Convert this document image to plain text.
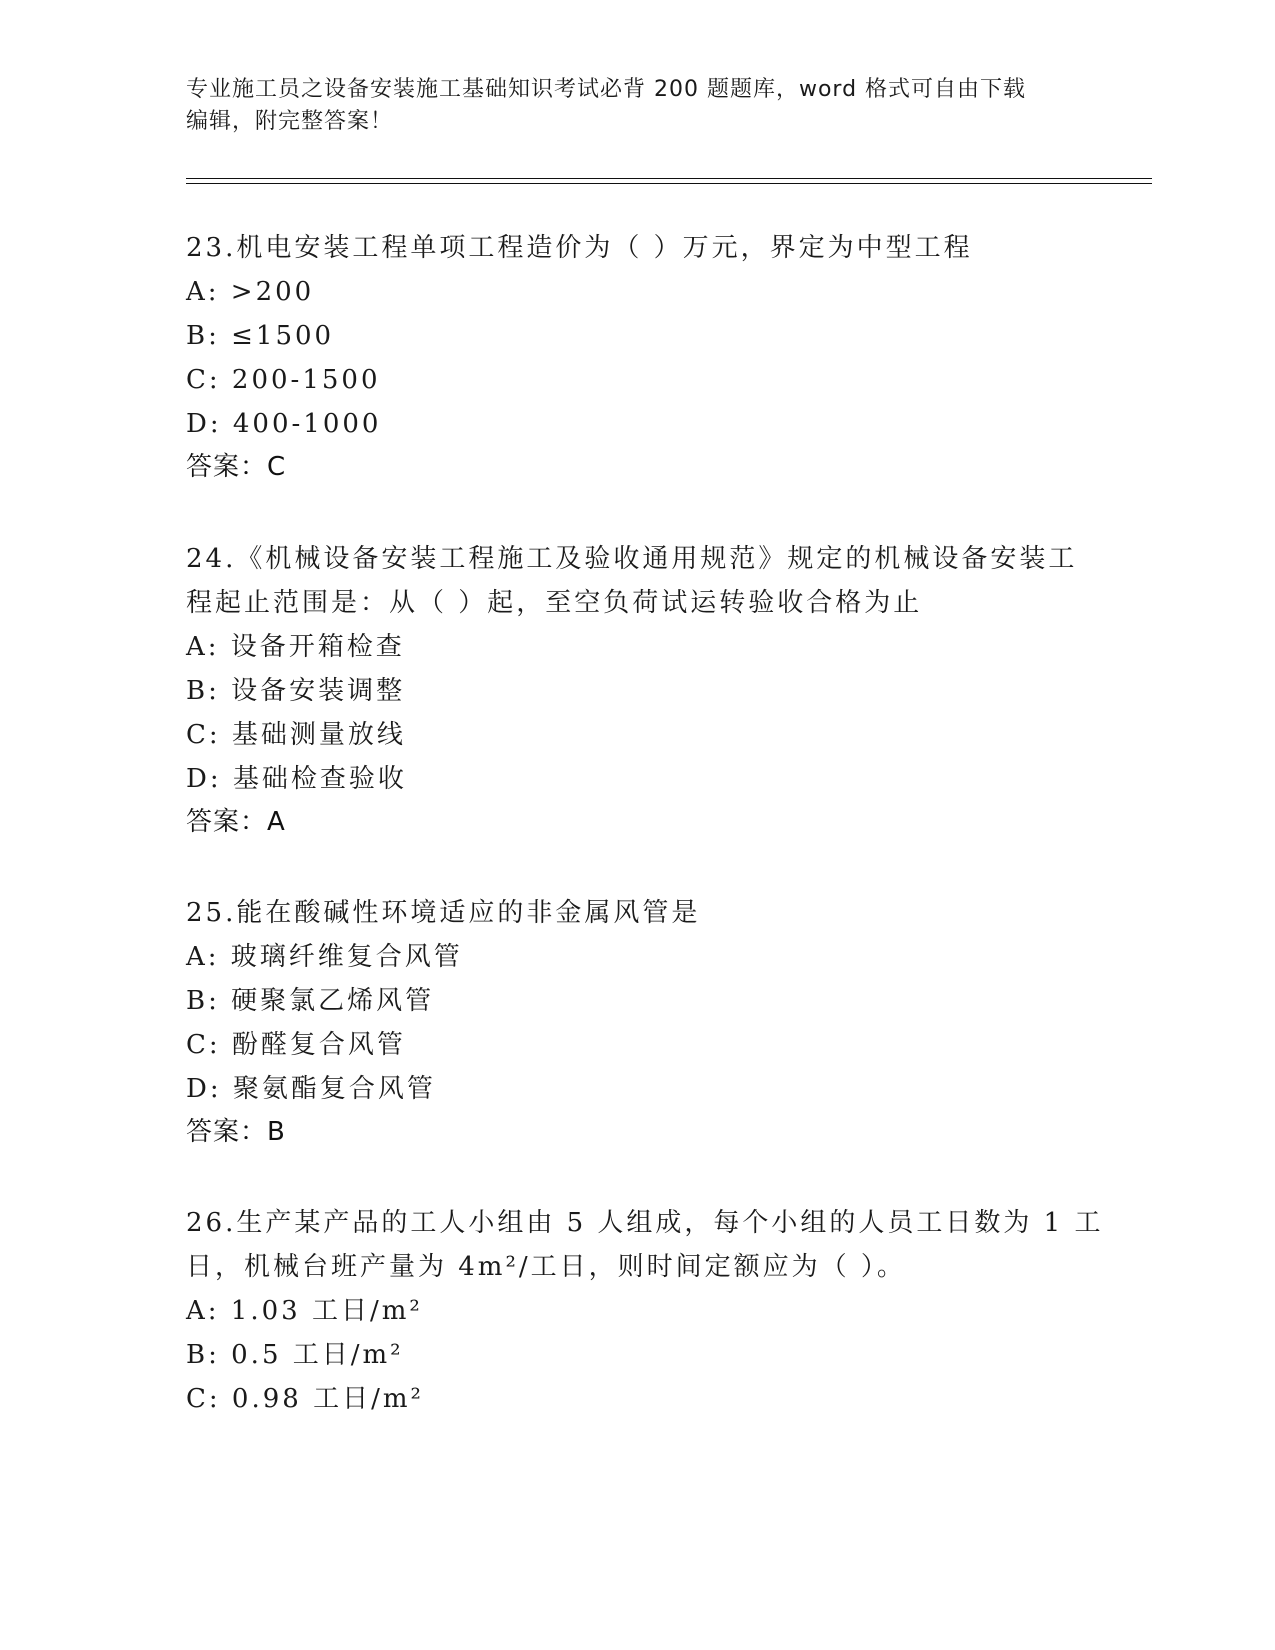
专业施工员之设备安装施工基础知识考试必背 200 题题库，word 格式可自由下载
编辑，附完整答案！
23.机电安装工程单项工程造价为（ ）万元，界定为中型工程
A: >200
B: ≤1500
C: 200-1500
D: 400-1000
答案：C
24.《机械设备安装工程施工及验收通用规范》规定的机械设备安装工
程起止范围是：从（ ）起，至空负荷试运转验收合格为止
A: 设备开箱检查
B: 设备安装调整
C: 基础测量放线
D: 基础检查验收
答案：A
25.能在酸碱性环境适应的非金属风管是
A: 玻璃纤维复合风管
B: 硬聚氯乙烯风管
C: 酚醛复合风管
D: 聚氨酯复合风管
答案：B
26.生产某产品的工人小组由 5 人组成，每个小组的人员工日数为 1 工
日，机械台班产量为 4m²/工日，则时间定额应为（ ）。
A: 1.03 工日/m²
B: 0.5 工日/m²
C: 0.98 工日/m²
